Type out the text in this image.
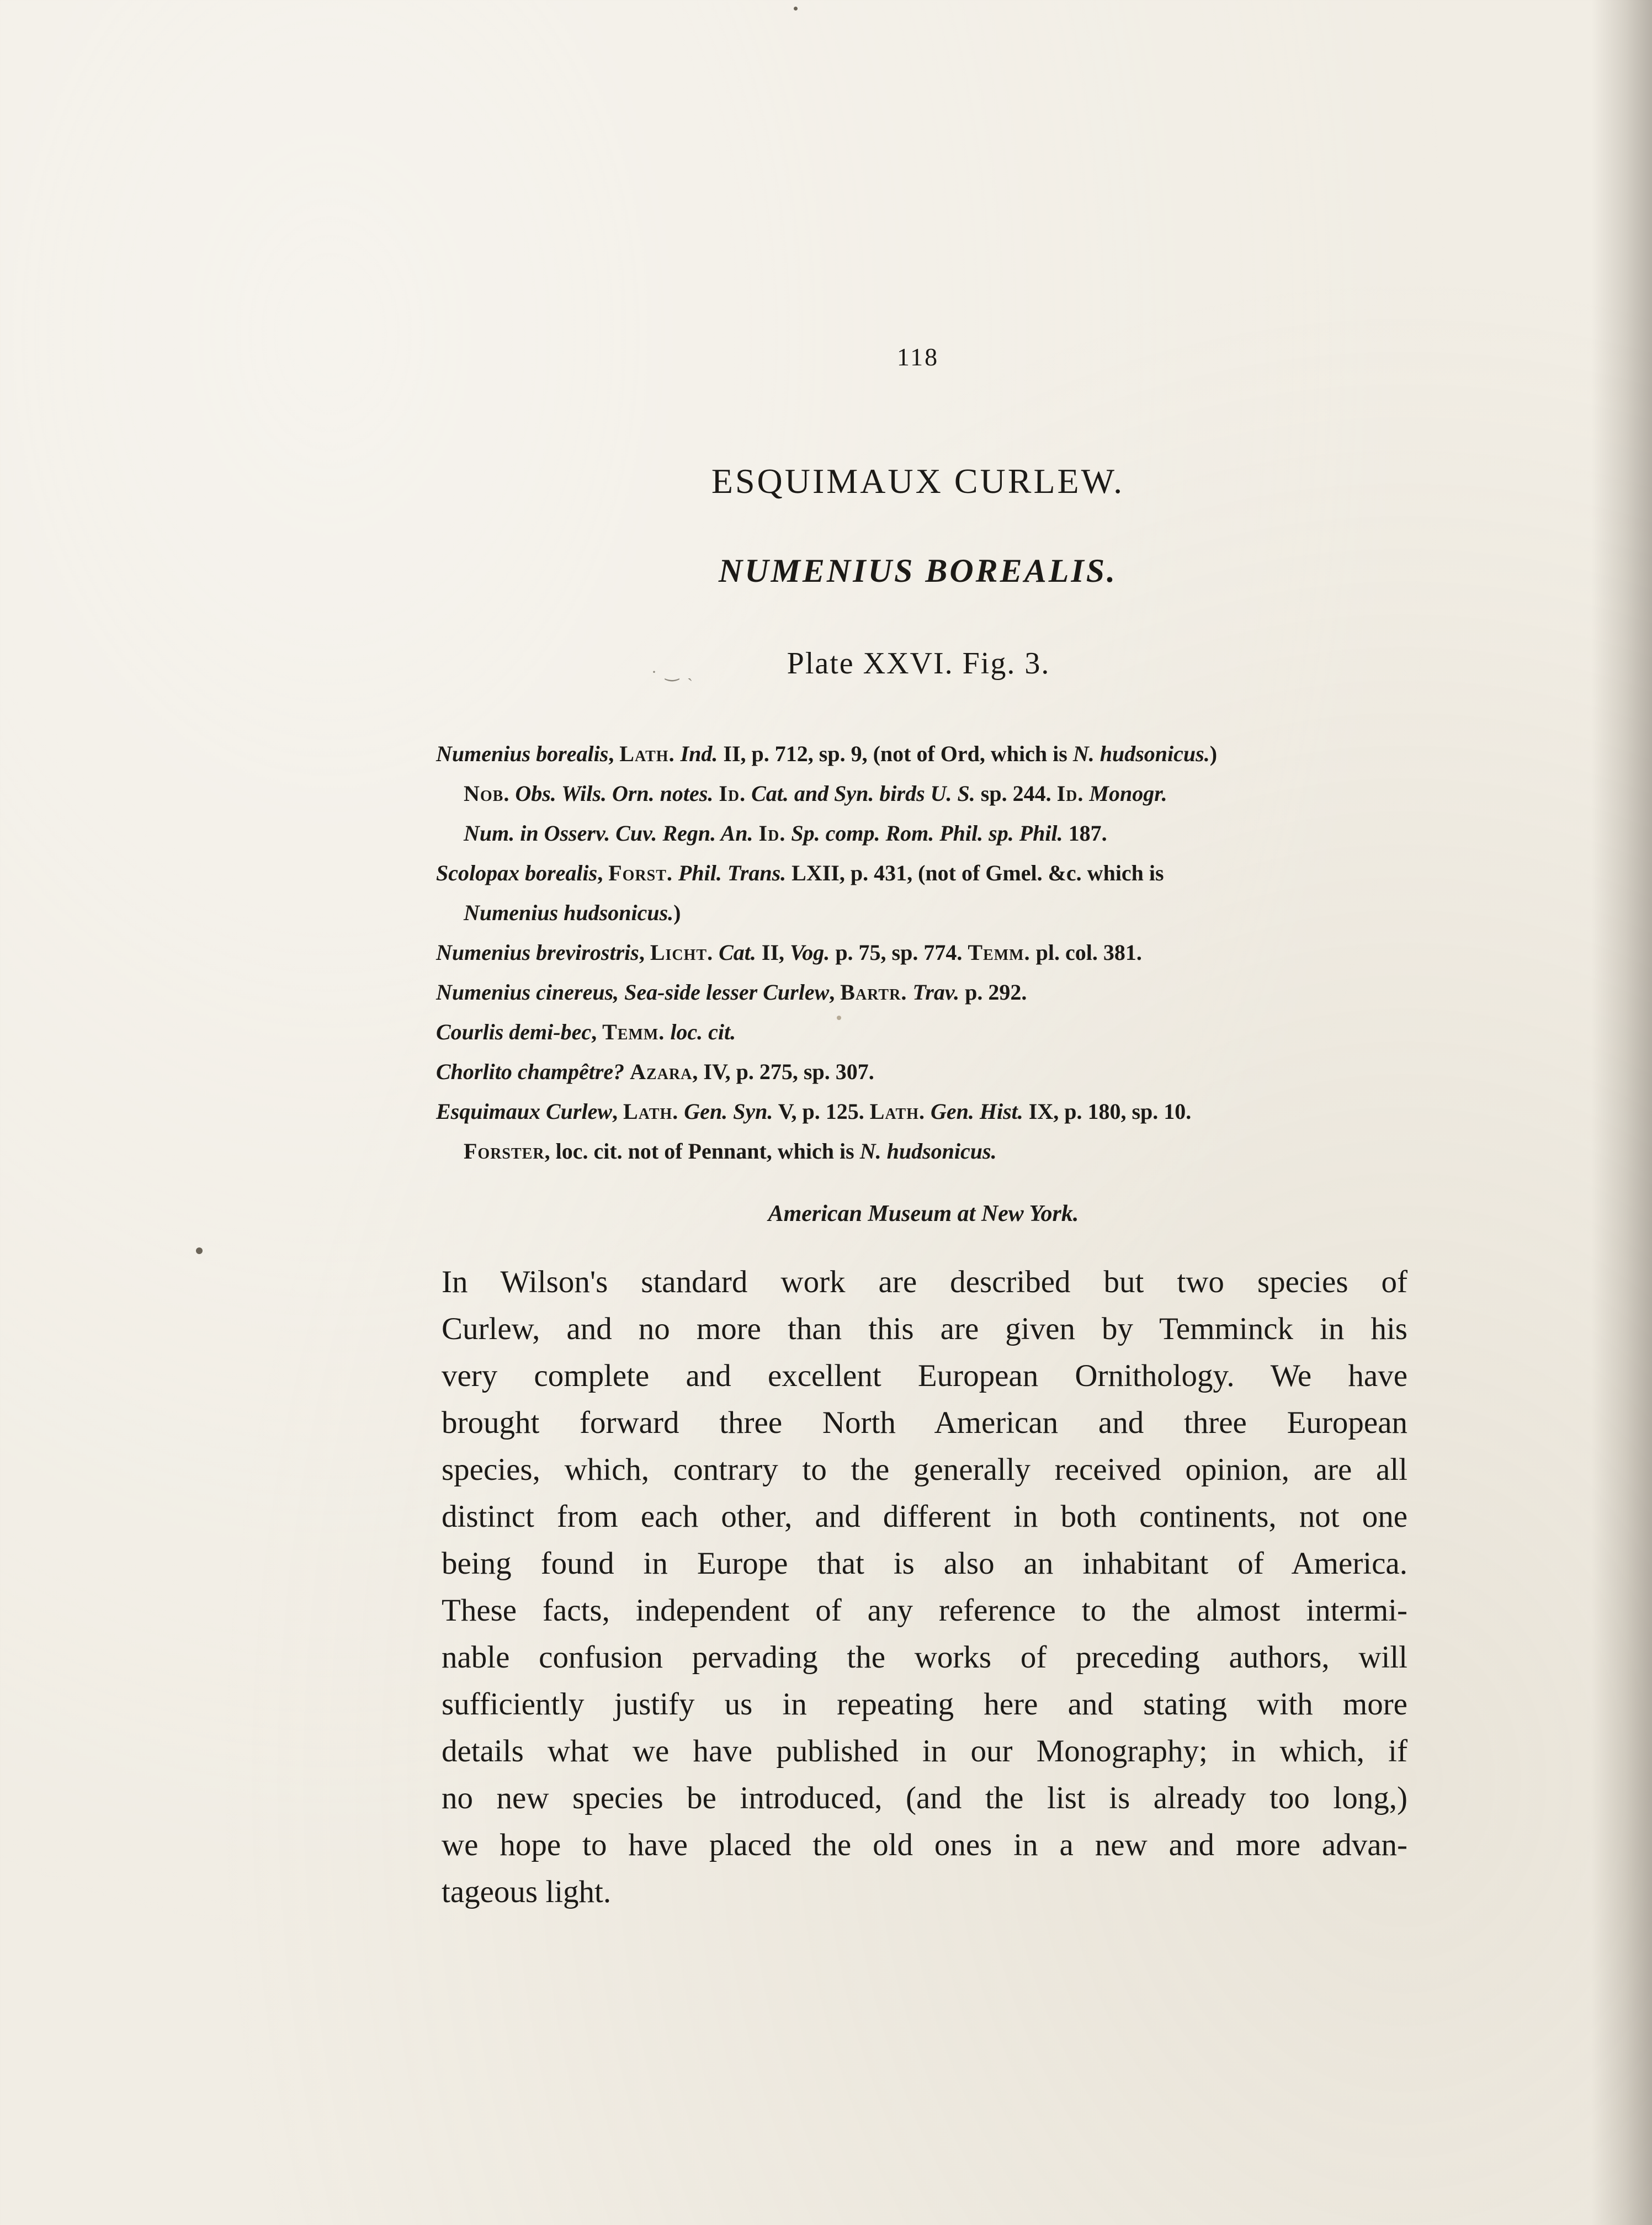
118
ESQUIMAUX CURLEW.
NUMENIUS BOREALIS.
Plate XXVI. Fig. 3.
· ‿ ˏ
Numenius borealis, Lath. Ind. II, p. 712, sp. 9, (not of Ord, which is N. hudsonicus.)
Nob. Obs. Wils. Orn. notes. Id. Cat. and Syn. birds U. S. sp. 244. Id. Monogr.
Num. in Osserv. Cuv. Regn. An. Id. Sp. comp. Rom. Phil. sp. Phil. 187.
Scolopax borealis, Forst. Phil. Trans. LXII, p. 431, (not of Gmel. &c. which is
Numenius hudsonicus.)
Numenius brevirostris, Licht. Cat. II, Vog. p. 75, sp. 774. Temm. pl. col. 381.
Numenius cinereus, Sea-side lesser Curlew, Bartr. Trav. p. 292.
Courlis demi-bec, Temm. loc. cit.
Chorlito champêtre? Azara, IV, p. 275, sp. 307.
Esquimaux Curlew, Lath. Gen. Syn. V, p. 125. Lath. Gen. Hist. IX, p. 180, sp. 10.
Forster, loc. cit. not of Pennant, which is N. hudsonicus.
American Museum at New York.
In Wilson's standard work are described but two species of
Curlew, and no more than this are given by Temminck in his
very complete and excellent European Ornithology. We have
brought forward three North American and three European
species, which, contrary to the generally received opinion, are all
distinct from each other, and different in both continents, not one
being found in Europe that is also an inhabitant of America.
These facts, independent of any reference to the almost intermi-
nable confusion pervading the works of preceding authors, will
sufficiently justify us in repeating here and stating with more
details what we have published in our Monography; in which, if
no new species be introduced, (and the list is already too long,)
we hope to have placed the old ones in a new and more advan-
tageous light.
